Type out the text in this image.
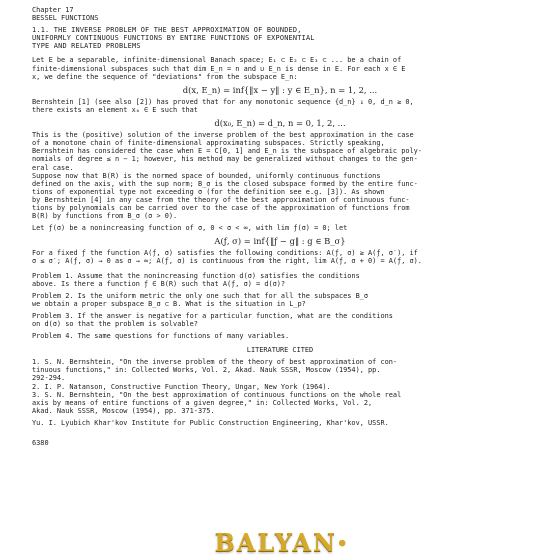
Chapter 17
BESSEL FUNCTIONS
1.1. THE INVERSE PROBLEM OF THE BEST APPROXIMATION OF BOUNDED,
UNIFORMLY CONTINUOUS FUNCTIONS BY ENTIRE FUNCTIONS OF EXPONENTIAL
TYPE AND RELATED PROBLEMS
Let E be a separable, infinite-dimensional Banach space; E₁ ⊂ E₂ ⊂ E₃ ⊂ ... be a chain of
finite-dimensional subspaces such that dim E_n = n and ∪ E_n is dense in E. For each x ∈ E
x, we define the sequence of "deviations" from the subspace E_n:
d(x, E_n) = inf{‖x − y‖ : y ∈ E_n}, n = 1, 2, ...
Bernshtein [1] (see also [2]) has proved that for any monotonic sequence {d_n} ↓ 0, d_n ≥ 0,
there exists an element x₀ ∈ E such that
d(x₀, E_n) = d_n, n = 0, 1, 2, ...
This is the (positive) solution of the inverse problem of the best approximation in the case
of a monotone chain of finite-dimensional approximating subspaces. Strictly speaking,
Bernshtein has considered the case when E = C[0, 1] and E_n is the subspace of algebraic poly-
nomials of degree ≤ n − 1; however, his method may be generalized without changes to the gen-
eral case.
Suppose now that B(R) is the normed space of bounded, uniformly continuous functions
defined on the axis, with the sup norm; B_σ is the closed subspace formed by the entire func-
tions of exponential type not exceeding σ (for the definition see e.g. [3]). As shown
by Bernshtein [4] in any case from the theory of the best approximation of continuous func-
tions by polynomials can be carried over to the case of the approximation of functions from
B(R) by functions from B_σ (σ > 0).
Let ƒ(σ) be a nonincreasing function of σ, 0 < σ < ∞, with lim ƒ(σ) = 0; let
A(ƒ, σ) = inf{‖ƒ − g‖ : g ∈ B_σ}
For a fixed ƒ the function A(ƒ, σ) satisfies the following conditions: A(ƒ, σ) ≥ A(ƒ, σ′), if
σ ≤ σ′; A(ƒ, σ) → 0 as σ → ∞; A(ƒ, σ) is continuous from the right, lim A(ƒ, σ + 0) = A(ƒ, σ).
Problem 1. Assume that the nonincreasing function d(σ) satisfies the conditions
above. Is there a function ƒ ∈ B(R) such that A(ƒ, σ) = d(σ)?
Problem 2. Is the uniform metric the only one such that for all the subspaces B_σ
we obtain a proper subspace B_σ ⊂ B. What is the situation in L_p?
Problem 3. If the answer is negative for a particular function, what are the conditions
on d(σ) so that the problem is solvable?
Problem 4. The same questions for functions of many variables.
LITERATURE CITED
1. S. N. Bernshtein, "On the inverse problem of the theory of best approximation of con-
tinuous functions," in: Collected Works, Vol. 2, Akad. Nauk SSSR, Moscow (1954), pp.
292-294.
2. I. P. Natanson, Constructive Function Theory, Ungar, New York (1964).
3. S. N. Bernshtein, "On the best approximation of continuous functions on the whole real
axis by means of entire functions of a given degree," in: Collected Works, Vol. 2,
Akad. Nauk SSSR, Moscow (1954), pp. 371-375.
Yu. I. Lyubich Khar'kov Institute for Public Construction Engineering, Khar'kov, USSR.
6380
BALYAN ●
